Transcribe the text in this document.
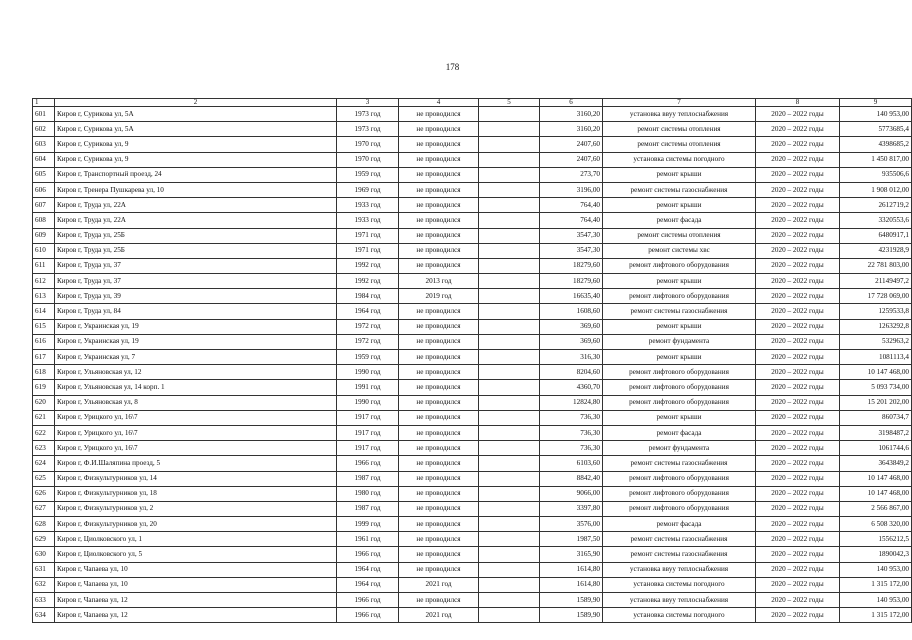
178
1	2	3	4	5	6	7	8	9
601	Киров г, Сурикова ул, 5А	1973 год	не проводился		3160,20	установка ввуу теплоснабжения	2020 – 2022 годы	140 953,00
602	Киров г, Сурикова ул, 5А	1973 год	не проводился		3160,20	ремонт системы отопления	2020 – 2022 годы	5773685,4
603	Киров г, Сурикова ул, 9	1970 год	не проводился		2407,60	ремонт системы отопления	2020 – 2022 годы	4398685,2
604	Киров г, Сурикова ул, 9	1970 год	не проводился		2407,60	установка системы погодного	2020 – 2022 годы	1 450 817,00
605	Киров г, Транспортный проезд, 24	1959 год	не проводился		273,70	ремонт крыши	2020 – 2022 годы	935506,6
606	Киров г, Тренера Пушкарева ул, 10	1969 год	не проводился		3196,00	ремонт системы газоснабжения	2020 – 2022 годы	1 908 012,00
607	Киров г, Труда ул, 22А	1933 год	не проводился		764,40	ремонт крыши	2020 – 2022 годы	2612719,2
608	Киров г, Труда ул, 22А	1933 год	не проводился		764,40	ремонт фасада	2020 – 2022 годы	3320553,6
609	Киров г, Труда ул, 25Б	1971 год	не проводился		3547,30	ремонт системы отопления	2020 – 2022 годы	6480917,1
610	Киров г, Труда ул, 25Б	1971 год	не проводился		3547,30	ремонт системы хвс	2020 – 2022 годы	4231928,9
611	Киров г, Труда ул, 37	1992 год	не проводился		18279,60	ремонт лифтового оборудования	2020 – 2022 годы	22 781 803,00
612	Киров г, Труда ул, 37	1992 год	2013 год		18279,60	ремонт крыши	2020 – 2022 годы	21149497,2
613	Киров г, Труда ул, 39	1984 год	2019 год		16635,40	ремонт лифтового оборудования	2020 – 2022 годы	17 728 069,00
614	Киров г, Труда ул, 84	1964 год	не проводился		1608,60	ремонт системы газоснабжения	2020 – 2022 годы	1259533,8
615	Киров г, Украинская ул, 19	1972 год	не проводился		369,60	ремонт крыши	2020 – 2022 годы	1263292,8
616	Киров г, Украинская ул, 19	1972 год	не проводился		369,60	ремонт фундамента	2020 – 2022 годы	532963,2
617	Киров г, Украинская ул, 7	1959 год	не проводился		316,30	ремонт крыши	2020 – 2022 годы	1081113,4
618	Киров г, Ульяновская ул, 12	1990 год	не проводился		8204,60	ремонт лифтового оборудования	2020 – 2022 годы	10 147 468,00
619	Киров г, Ульяновская ул, 14 корп. 1	1991 год	не проводился		4360,70	ремонт лифтового оборудования	2020 – 2022 годы	5 093 734,00
620	Киров г, Ульяновская ул, 8	1990 год	не проводился		12824,80	ремонт лифтового оборудования	2020 – 2022 годы	15 201 202,00
621	Киров г, Урицкого ул, 16\7	1917 год	не проводился		736,30	ремонт крыши	2020 – 2022 годы	860734,7
622	Киров г, Урицкого ул, 16\7	1917 год	не проводился		736,30	ремонт фасада	2020 – 2022 годы	3198487,2
623	Киров г, Урицкого ул, 16\7	1917 год	не проводился		736,30	ремонт фундамента	2020 – 2022 годы	1061744,6
624	Киров г, Ф.И.Шаляпина проезд, 5	1966 год	не проводился		6103,60	ремонт системы газоснабжения	2020 – 2022 годы	3643849,2
625	Киров г, Физкультурников ул, 14	1987 год	не проводился		8842,40	ремонт лифтового оборудования	2020 – 2022 годы	10 147 468,00
626	Киров г, Физкультурников ул, 18	1980 год	не проводился		9066,00	ремонт лифтового оборудования	2020 – 2022 годы	10 147 468,00
627	Киров г, Физкультурников ул, 2	1987 год	не проводился		3397,80	ремонт лифтового оборудования	2020 – 2022 годы	2 566 867,00
628	Киров г, Физкультурников ул, 20	1999 год	не проводился		3576,00	ремонт фасада	2020 – 2022 годы	6 508 320,00
629	Киров г, Циолковского ул, 1	1961 год	не проводился		1987,50	ремонт системы газоснабжения	2020 – 2022 годы	1556212,5
630	Киров г, Циолковского ул, 5	1966 год	не проводился		3165,90	ремонт системы газоснабжения	2020 – 2022 годы	1890042,3
631	Киров г, Чапаева ул, 10	1964 год	не проводился		1614,80	установка ввуу теплоснабжения	2020 – 2022 годы	140 953,00
632	Киров г, Чапаева ул, 10	1964 год	2021 год		1614,80	установка системы погодного	2020 – 2022 годы	1 315 172,00
633	Киров г, Чапаева ул, 12	1966 год	не проводился		1589,90	установка ввуу теплоснабжения	2020 – 2022 годы	140 953,00
634	Киров г, Чапаева ул, 12	1966 год	2021 год		1589,90	установка системы погодного	2020 – 2022 годы	1 315 172,00
